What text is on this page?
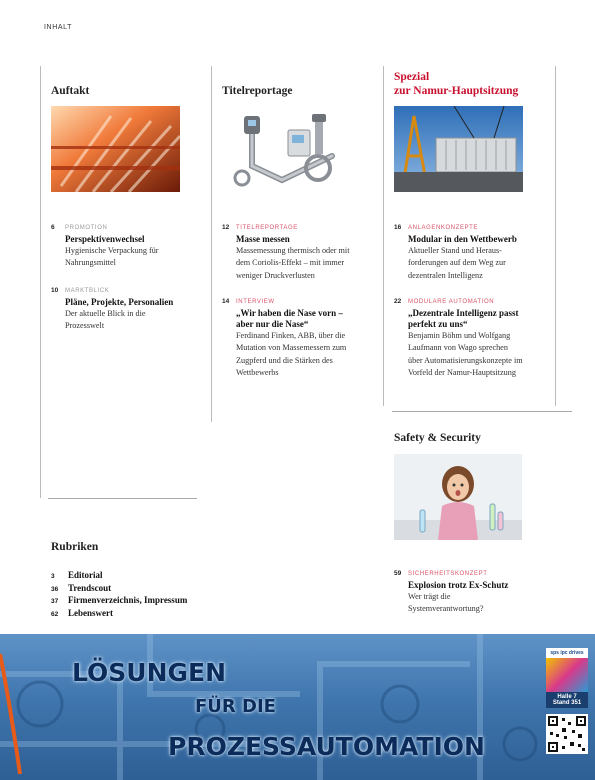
INHALT
Auftakt
6 PROMOTION
Perspektivenwechsel
Hygienische Verpackung für
Nahrungsmittel
10 MARKTBLICK
Pläne, Projekte, Personalien
Der aktuelle Blick in die
Prozesswelt
Rubriken
3 Editorial
36 Trendscout
37 Firmenverzeichnis, Impressum
62 Lebenswert
Titelreportage
12 TITELREPORTAGE
Masse messen
Massemessung thermisch oder mit
dem Coriolis-Effekt – mit immer
weniger Druckverlusten
14 INTERVIEW
„Wir haben die Nase vorn –
aber nur die Nase“
Ferdinand Finken, ABB, über die
Mutation von Massemessern zum
Zugpferd und die Stärken des
Wettbewerbs
Spezial
zur Namur-Hauptsitzung
16 ANLAGENKONZEPTE
Modular in den Wettbewerb
Aktueller Stand und Heraus-
forderungen auf dem Weg zur
dezentralen Intelligenz
22 MODULARE AUTOMATION
„Dezentrale Intelligenz passt
perfekt zu uns“
Benjamin Böhm und Wolfgang
Laufmann von Wago sprechen
über Automatisierungskonzepte im
Vorfeld der Namur-Hauptsitzung
Safety & Security
59 SICHERHEITSKONZEPT
Explosion trotz Ex-Schutz
Wer trägt die
Systemverantwortung?
LÖSUNGEN
FÜR DIE
PROZESSAUTOMATION
sps ipc drives
Halle 7
Stand 351
